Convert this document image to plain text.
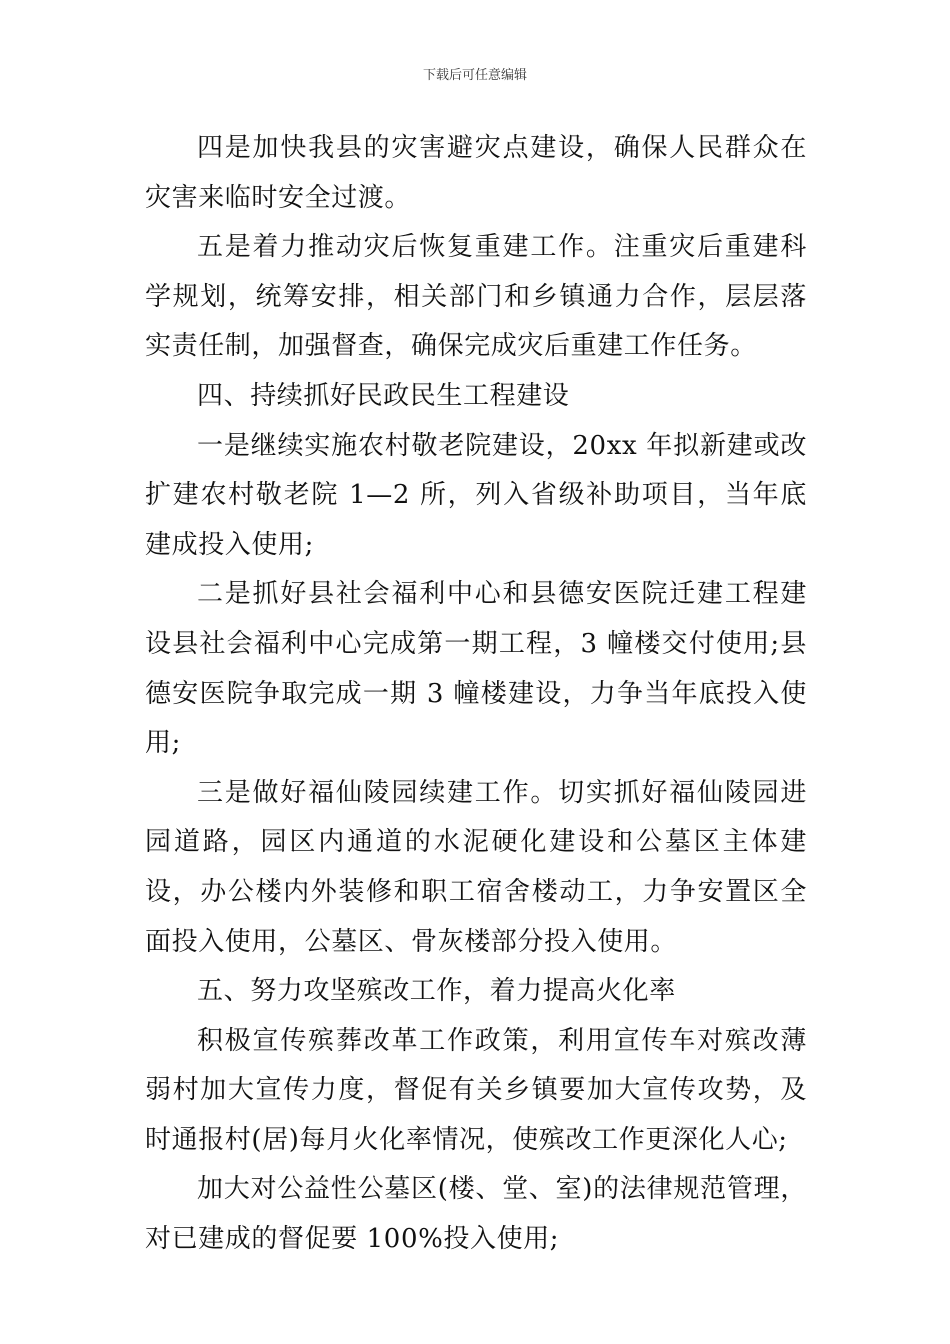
下载后可任意编辑

四是加快我县的灾害避灾点建设，确保人民群众在灾害来临时安全过渡。

五是着力推动灾后恢复重建工作。注重灾后重建科学规划，统筹安排，相关部门和乡镇通力合作，层层落实责任制，加强督查，确保完成灾后重建工作任务。

四、持续抓好民政民生工程建设

一是继续实施农村敬老院建设，20xx 年拟新建或改扩建农村敬老院 1—2 所，列入省级补助项目，当年底建成投入使用;

二是抓好县社会福利中心和县德安医院迁建工程建设县社会福利中心完成第一期工程，3 幢楼交付使用;县德安医院争取完成一期 3 幢楼建设，力争当年底投入使用;

三是做好福仙陵园续建工作。切实抓好福仙陵园进园道路，园区内通道的水泥硬化建设和公墓区主体建设，办公楼内外装修和职工宿舍楼动工，力争安置区全面投入使用，公墓区、骨灰楼部分投入使用。

五、努力攻坚殡改工作，着力提高火化率

积极宣传殡葬改革工作政策，利用宣传车对殡改薄弱村加大宣传力度，督促有关乡镇要加大宣传攻势，及时通报村(居)每月火化率情况，使殡改工作更深化人心;

加大对公益性公墓区(楼、堂、室)的法律规范管理，对已建成的督促要 100%投入使用;
